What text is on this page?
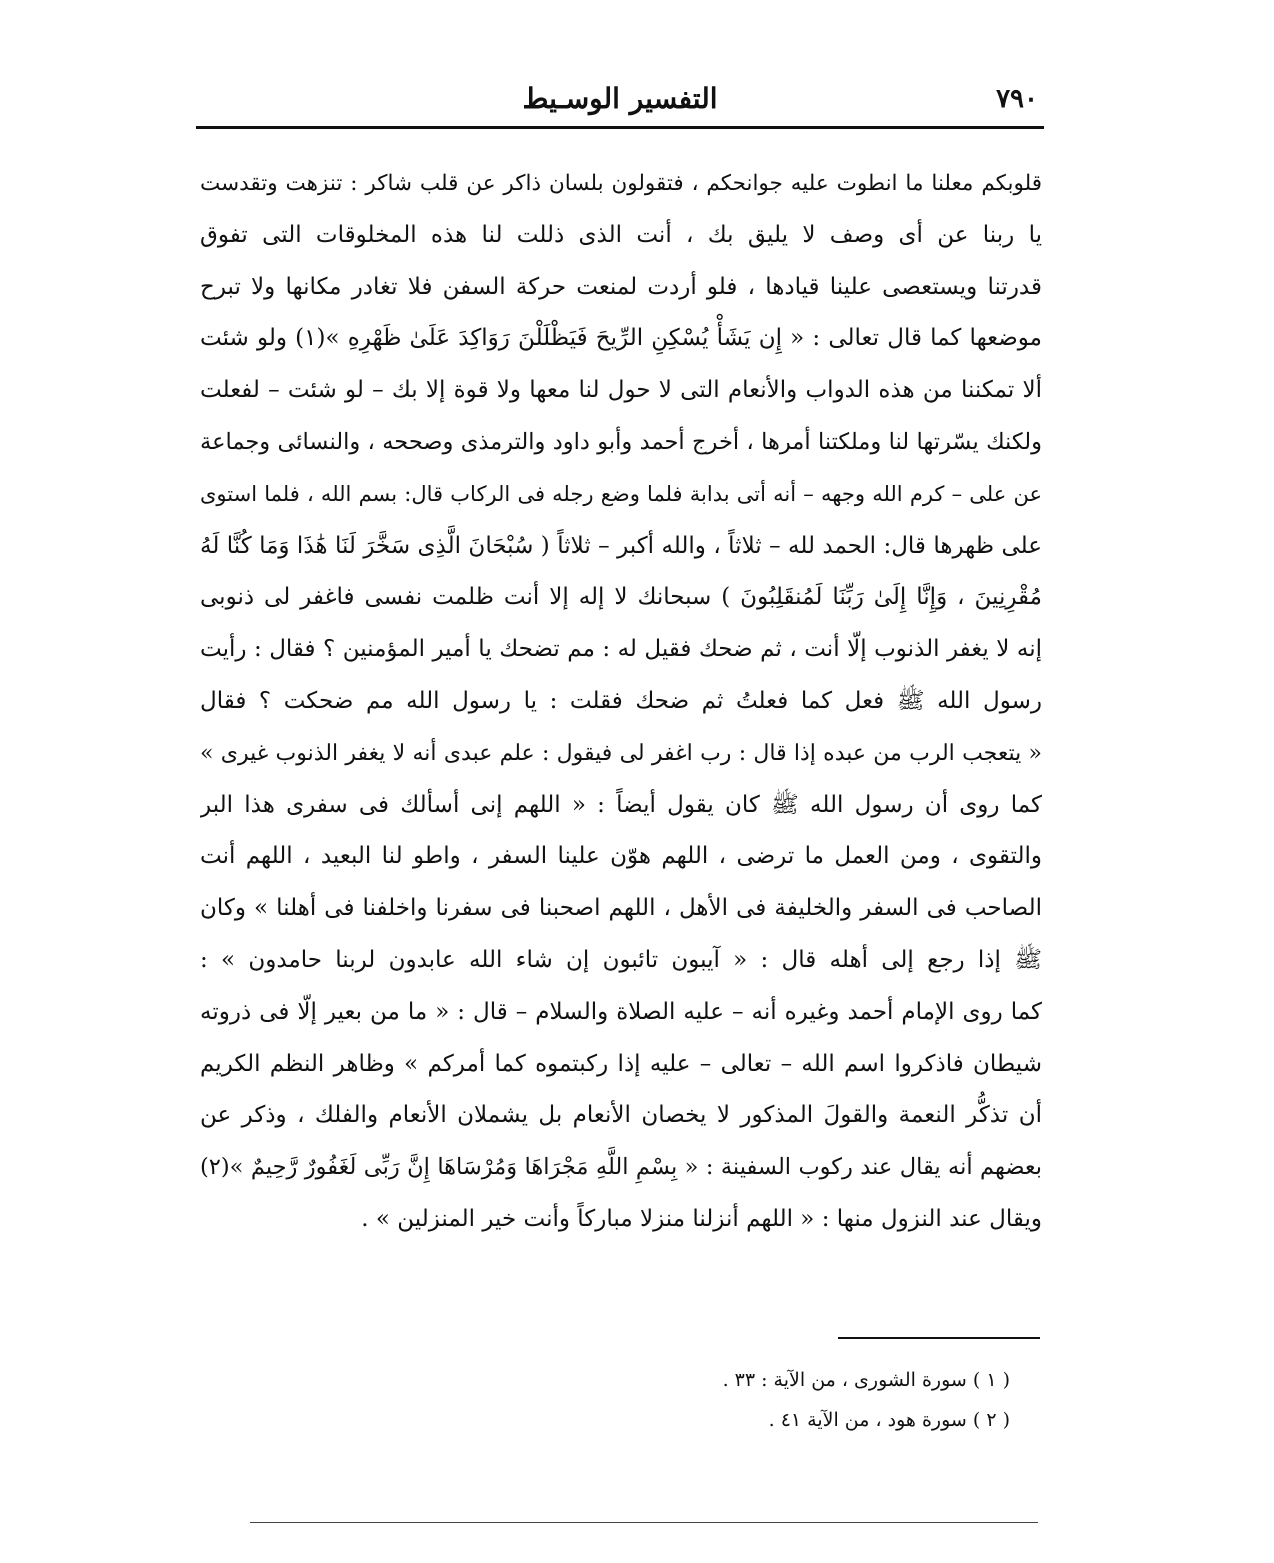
٧٩٠
التفسير الوسـيط
قلوبكم معلنا ما انطوت عليه جوانحكم ، فتقولون بلسان ذاكر عن قلب شاكر : تنزهت وتقدست
يا ربنا عن أى وصف لا يليق بك ، أنت الذى ذللت لنا هذه المخلوقات التى تفوق
قدرتنا ويستعصى علينا قيادها ، فلو أردت لمنعت حركة السفن فلا تغادر مكانها ولا تبرح
موضعها كما قال تعالى : « إِن يَشَأْ يُسْكِنِ الرِّيحَ فَيَظْلَلْنَ رَوَاكِدَ عَلَىٰ ظَهْرِهِ »(١) ولو شئت
ألا تمكننا من هذه الدواب والأنعام التى لا حول لنا معها ولا قوة إلا بك – لو شئت – لفعلت
ولكنك يسّرتها لنا وملكتنا أمرها ، أخرج أحمد وأبو داود والترمذى وصححه ، والنسائى وجماعة
عن على – كرم الله وجهه – أنه أتى بدابة فلما وضع رجله فى الركاب قال: بسم الله ، فلما استوى
على ظهرها قال: الحمد لله – ثلاثاً ، والله أكبر – ثلاثاً ( سُبْحَانَ الَّذِى سَخَّرَ لَنَا هَٰذَا وَمَا كُنَّا لَهُ
مُقْرِنِينَ ، وَإِنَّا إِلَىٰ رَبِّنَا لَمُنقَلِبُونَ ) سبحانك لا إله إلا أنت ظلمت نفسى فاغفر لى ذنوبى
إنه لا يغفر الذنوب إلّا أنت ، ثم ضحك فقيل له : مم تضحك يا أمير المؤمنين ؟ فقال : رأيت
رسول الله ﷺ فعل كما فعلتُ ثم ضحك فقلت : يا رسول الله مم ضحكت ؟ فقال
« يتعجب الرب من عبده إذا قال : رب اغفر لى فيقول : علم عبدى أنه لا يغفر الذنوب غيرى »
كما روى أن رسول الله ﷺ كان يقول أيضاً : « اللهم إنى أسألك فى سفرى هذا البر
والتقوى ، ومن العمل ما ترضى ، اللهم هوّن علينا السفر ، واطو لنا البعيد ، اللهم أنت
الصاحب فى السفر والخليفة فى الأهل ، اللهم اصحبنا فى سفرنا واخلفنا فى أهلنا » وكان
ﷺ إذا رجع إلى أهله قال : « آيبون تائبون إن شاء الله عابدون لربنا حامدون » :
كما روى الإمام أحمد وغيره أنه – عليه الصلاة والسلام – قال : « ما من بعير إلّا فى ذروته
شيطان فاذكروا اسم الله – تعالى – عليه إذا ركبتموه كما أمركم » وظاهر النظم الكريم
أن تذكُّر النعمة والقولَ المذكور لا يخصان الأنعام بل يشملان الأنعام والفلك ، وذكر عن
بعضهم أنه يقال عند ركوب السفينة : « بِسْمِ اللَّهِ مَجْرَاهَا وَمُرْسَاهَا إِنَّ رَبِّى لَغَفُورٌ رَّحِيمٌ »(٢)
ويقال عند النزول منها : « اللهم أنزلنا منزلا مباركاً وأنت خير المنزلين » .
( ١ ) سورة الشورى ، من الآية : ٣٣ .
( ٢ ) سورة هود ، من الآية ٤١ .
